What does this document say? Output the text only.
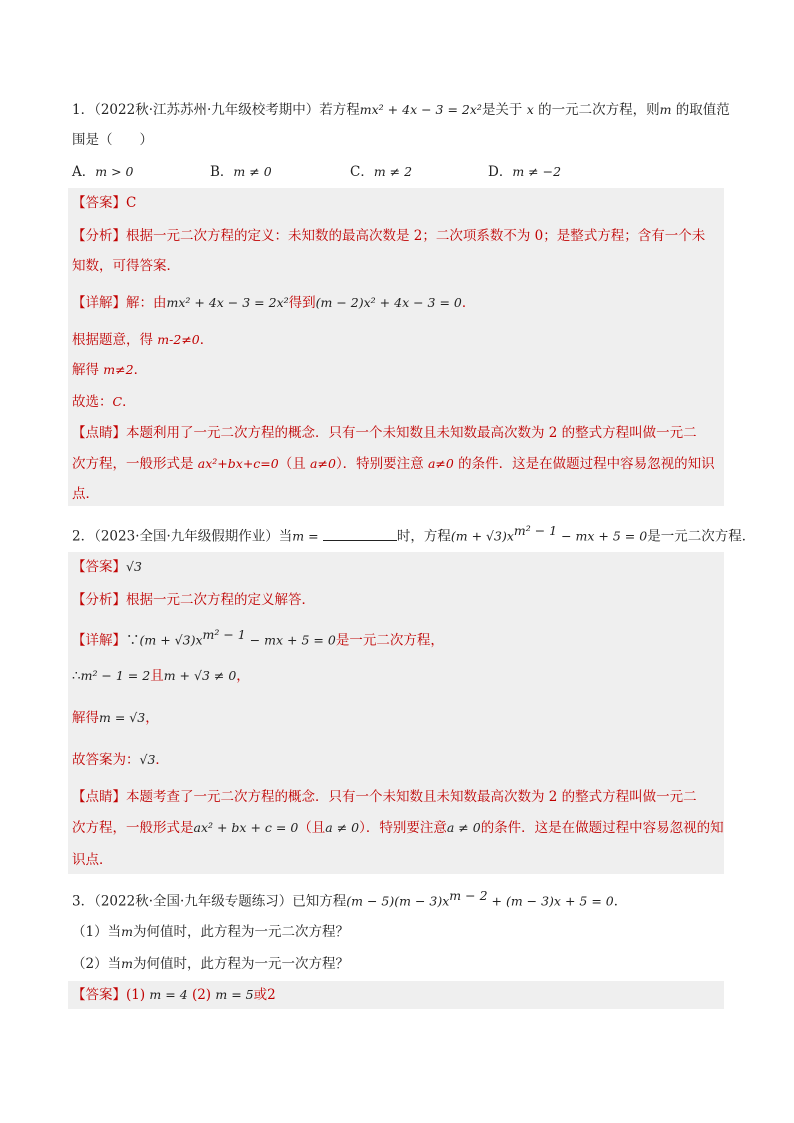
1．（2022秋·江苏苏州·九年级校考期中）若方程mx² + 4x − 3 = 2x²是关于 x 的一元二次方程，则m 的取值范
围是（　　）
A．m > 0	B．m ≠ 0	C．m ≠ 2	D．m ≠ −2
【答案】C
【分析】根据一元二次方程的定义：未知数的最高次数是 2；二次项系数不为 0；是整式方程；含有一个未
知数，可得答案．
【详解】解：由mx² + 4x − 3 = 2x²得到(m − 2)x² + 4x − 3 = 0．
根据题意，得 m-2≠0．
解得 m≠2．
故选：C．
【点睛】本题利用了一元二次方程的概念．只有一个未知数且未知数最高次数为 2 的整式方程叫做一元二
次方程，一般形式是 ax²+bx+c=0（且 a≠0）．特别要注意 a≠0 的条件．这是在做题过程中容易忽视的知识
点．
2．（2023·全国·九年级假期作业）当m =	时，方程$(m + √3)x^{m^2 - 1}$ − mx + 5 = 0是一元二次方程．
【答案】√3
【分析】根据一元二次方程的定义解答．
【详解】∵(m + $√3)x^{m^2 - 1}$ − mx + 5 = 0是一元二次方程，
∴m² − 1 = 2且m + √3 ≠ 0，
解得m = √3，
故答案为：√3．
【点睛】本题考查了一元二次方程的概念．只有一个未知数且未知数最高次数为 2 的整式方程叫做一元二
次方程，一般形式是ax² + bx + c = 0（且a ≠ 0）．特别要注意a ≠ 0的条件．这是在做题过程中容易忽视的知
识点．
3．（2022秋·全国·九年级专题练习）已知方程$(m - 5)(m - 3)x^{m - 2} + (m - 3)x + 5 = 0$．
（1）当m为何值时，此方程为一元二次方程？
（2）当m为何值时，此方程为一元一次方程？
【答案】(1) m = 4 (2) m = 5或2
